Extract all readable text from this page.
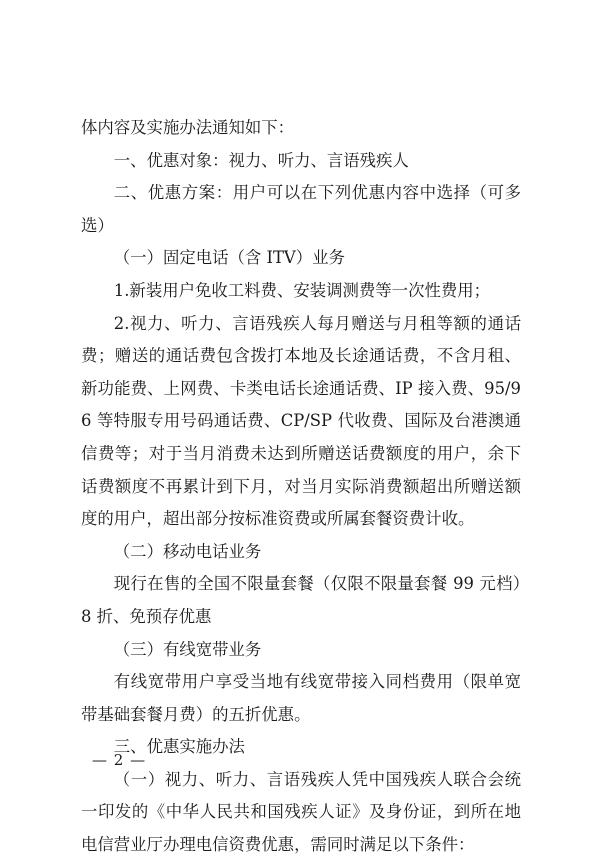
体内容及实施办法通知如下：

一、优惠对象：视力、听力、言语残疾人

二、优惠方案：用户可以在下列优惠内容中选择（可多选）

（一）固定电话（含 ITV）业务

1.新装用户免收工料费、安装调测费等一次性费用；

2.视力、听力、言语残疾人每月赠送与月租等额的通话费；赠送的通话费包含拨打本地及长途通话费，不含月租、新功能费、上网费、卡类电话长途通话费、IP 接入费、95/96 等特服专用号码通话费、CP/SP 代收费、国际及台港澳通信费等；对于当月消费未达到所赠送话费额度的用户，余下话费额度不再累计到下月，对当月实际消费额超出所赠送额度的用户，超出部分按标准资费或所属套餐资费计收。

（二）移动电话业务

现行在售的全国不限量套餐（仅限不限量套餐 99 元档）8 折、免预存优惠

（三）有线宽带业务

有线宽带用户享受当地有线宽带接入同档费用（限单宽带基础套餐月费）的五折优惠。

三、优惠实施办法

（一）视力、听力、言语残疾人凭中国残疾人联合会统一印发的《中华人民共和国残疾人证》及身份证，到所在地电信营业厅办理电信资费优惠，需同时满足以下条件：

— 2 —
